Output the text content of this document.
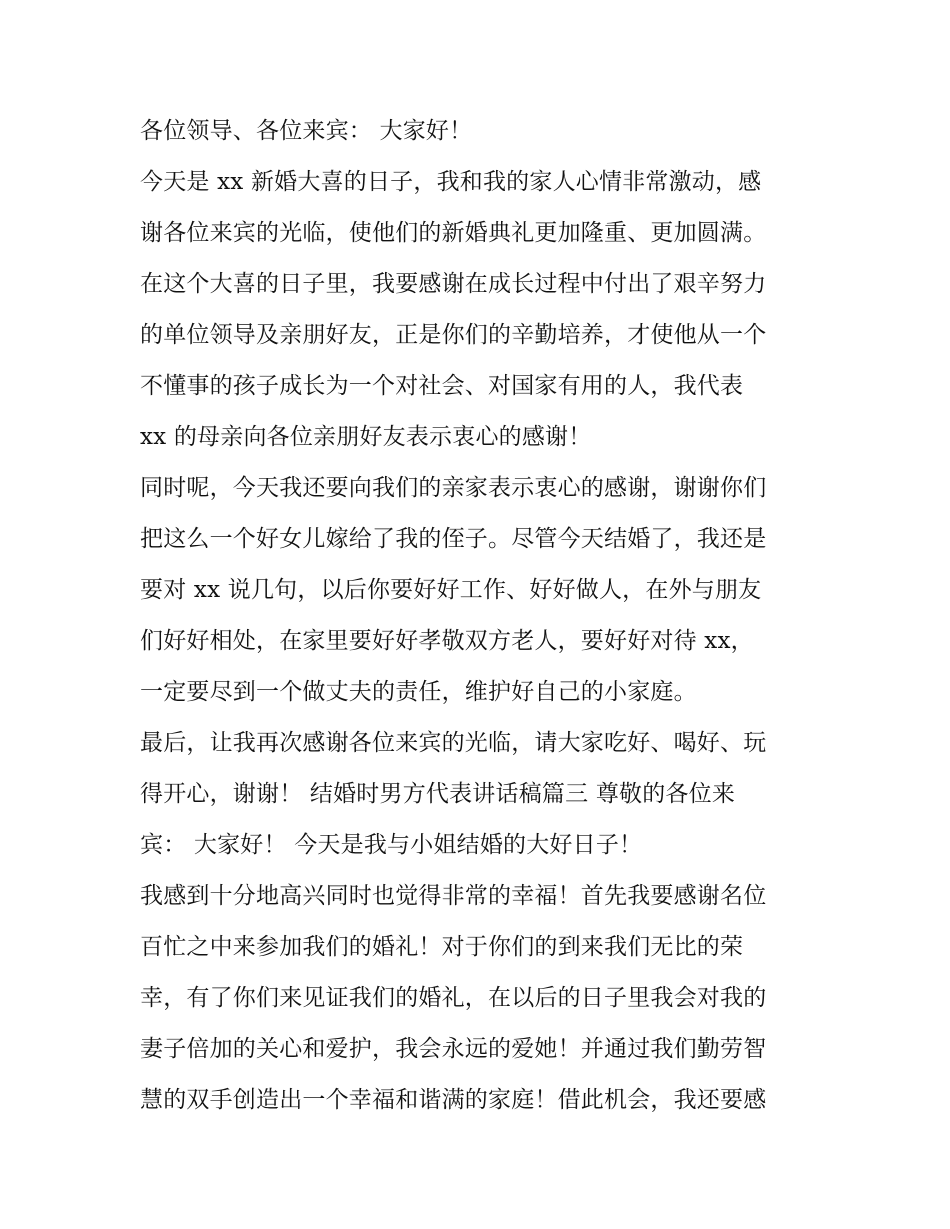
各位领导、各位来宾： 大家好！
今天是 xx 新婚大喜的日子，我和我的家人心情非常激动，感
谢各位来宾的光临，使他们的新婚典礼更加隆重、更加圆满。
在这个大喜的日子里，我要感谢在成长过程中付出了艰辛努力
的单位领导及亲朋好友，正是你们的辛勤培养，才使他从一个
不懂事的孩子成长为一个对社会、对国家有用的人，我代表
xx 的母亲向各位亲朋好友表示衷心的感谢！
同时呢，今天我还要向我们的亲家表示衷心的感谢，谢谢你们
把这么一个好女儿嫁给了我的侄子。尽管今天结婚了，我还是
要对 xx 说几句，以后你要好好工作、好好做人，在外与朋友
们好好相处，在家里要好好孝敬双方老人，要好好对待 xx，
一定要尽到一个做丈夫的责任，维护好自己的小家庭。
最后，让我再次感谢各位来宾的光临，请大家吃好、喝好、玩
得开心，谢谢！ 结婚时男方代表讲话稿篇三 尊敬的各位来
宾： 大家好！ 今天是我与小姐结婚的大好日子！
我感到十分地高兴同时也觉得非常的幸福！首先我要感谢名位
百忙之中来参加我们的婚礼！对于你们的到来我们无比的荣
幸，有了你们来见证我们的婚礼，在以后的日子里我会对我的
妻子倍加的关心和爱护，我会永远的爱她！并通过我们勤劳智
慧的双手创造出一个幸福和谐满的家庭！借此机会，我还要感
